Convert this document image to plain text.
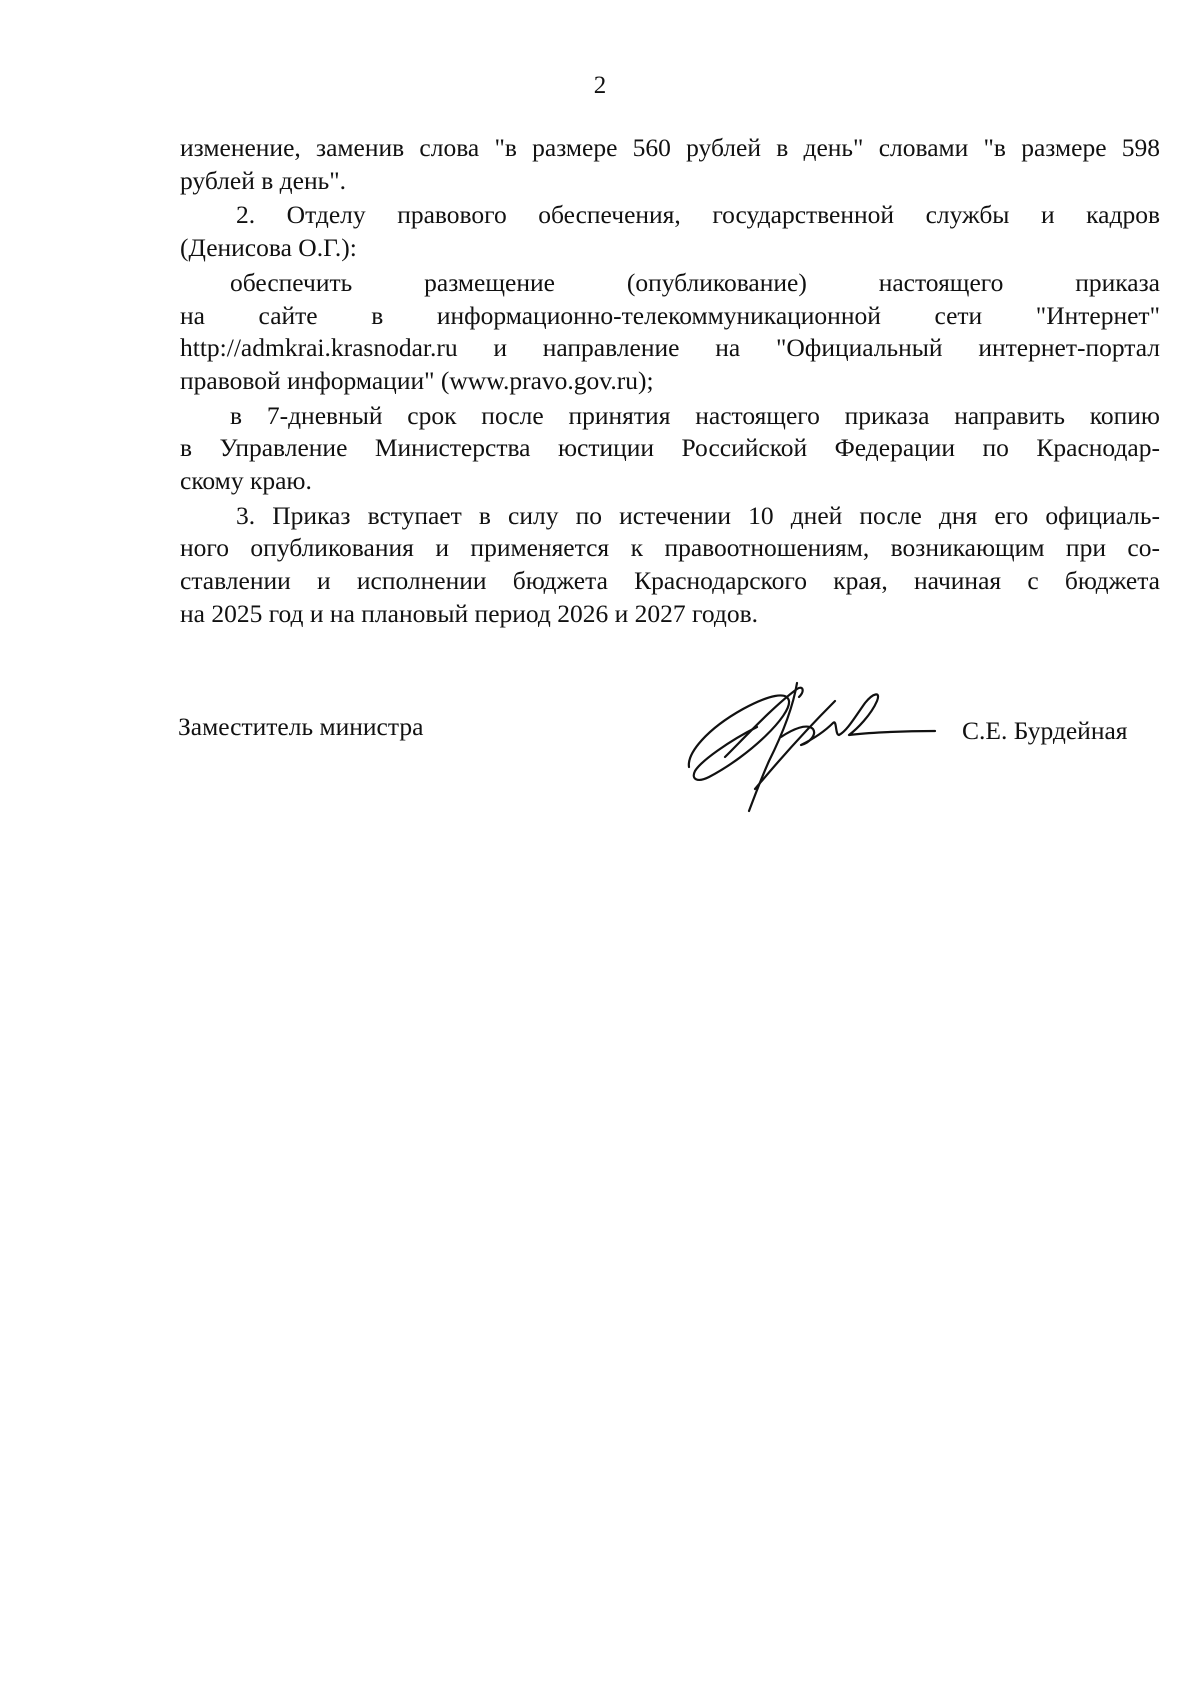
2
изменение, заменив слова "в размере 560 рублей в день" словами "в размере 598
рублей в день".
2. Отделу правового обеспечения, государственной службы и кадров
(Денисова О.Г.):
обеспечить размещение (опубликование) настоящего приказа
на сайте в информационно-телекоммуникационной сети "Интернет"
http://admkrai.krasnodar.ru и направление на "Официальный интернет-портал
правовой информации" (www.pravo.gov.ru);
в 7-дневный срок после принятия настоящего приказа направить копию
в Управление Министерства юстиции Российской Федерации по Краснодар-
скому краю.
3. Приказ вступает в силу по истечении 10 дней после дня его официаль-
ного опубликования и применяется к правоотношениям, возникающим при со-
ставлении и исполнении бюджета Краснодарского края, начиная с бюджета
на 2025 год и на плановый период 2026 и 2027 годов.
Заместитель министра	С.Е. Бурдейная
